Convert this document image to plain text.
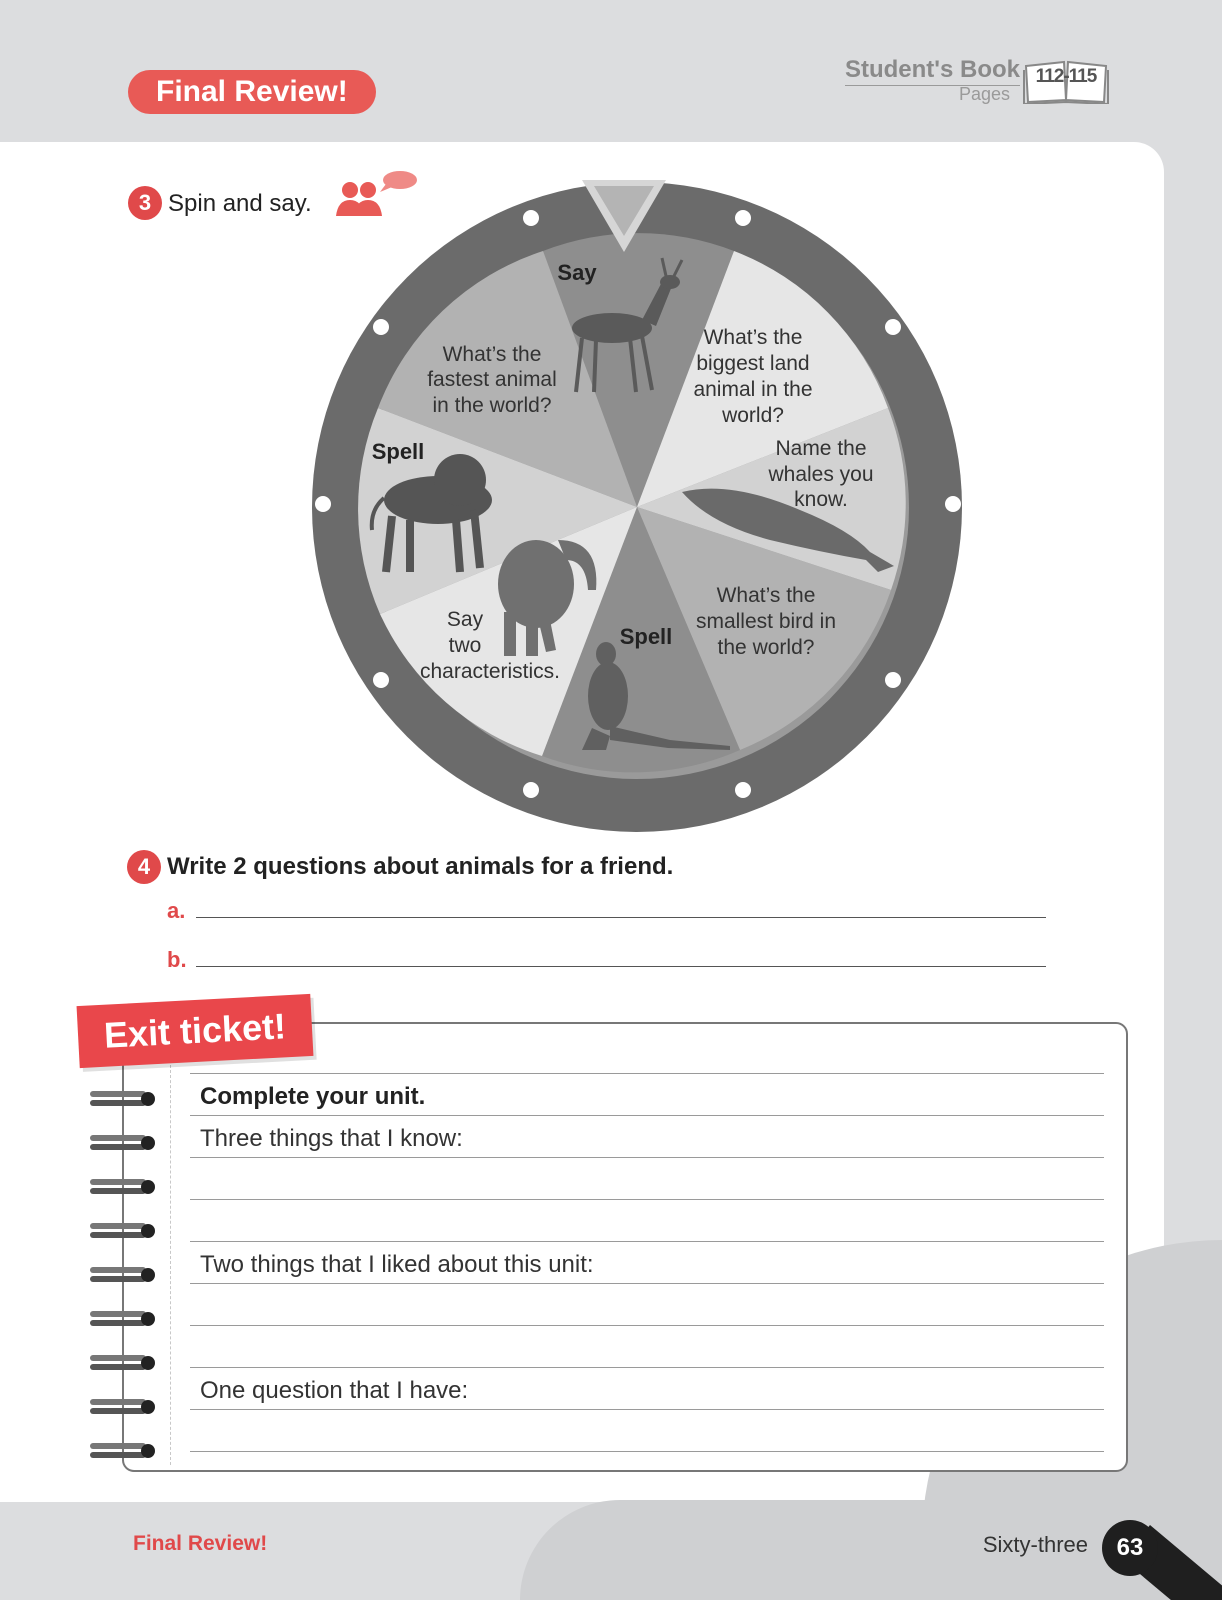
Final Review!
Student's Book
Pages
112-115
3 Spin and say.
Say
What’s the biggest land animal in the world?
Name the whales you know.
What’s the smallest bird in the world?
Spell
Say two characteristics.
Spell
What’s the fastest animal in the world?
4 Write 2 questions about animals for a friend.
a.
b.
Exit ticket!
Complete your unit.
Three things that I know:
Two things that I liked about this unit:
One question that I have:
Final Review!	Sixty-three	63
